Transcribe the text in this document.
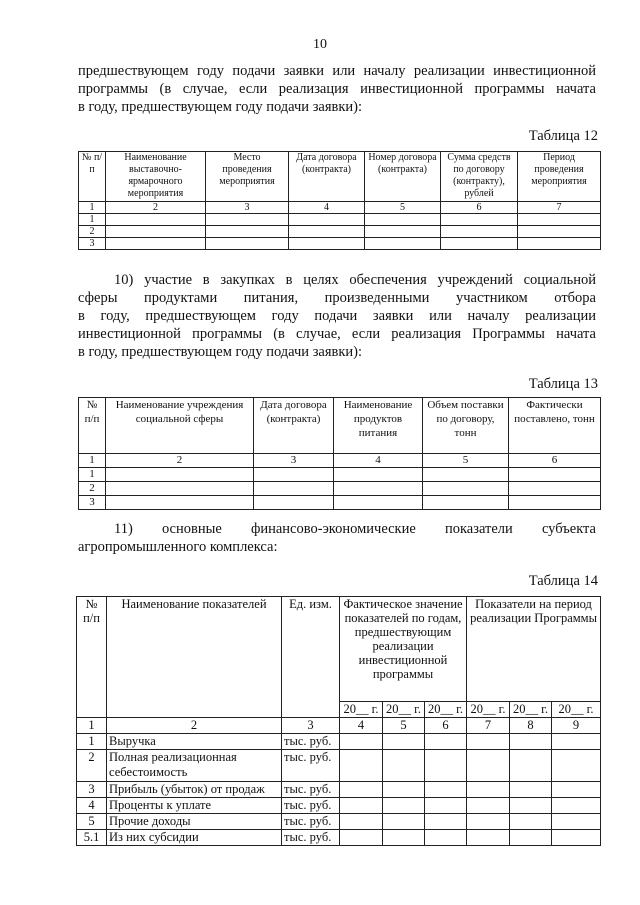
10
предшествующем году подачи заявки или началу реализации инвестиционной
программы (в случае, если реализация инвестиционной программы начата
в году, предшествующем году подачи заявки):
Таблица 12
№ п/п	Наименование выставочно-ярмарочного мероприятия	Место проведения мероприятия	Дата договора (контракта)	Номер договора (контракта)	Сумма средств по договору (контракту), рублей	Период проведения мероприятия
1	2	3	4	5	6	7
1						
2						
3						
10) участие в закупках в целях обеспечения учреждений социальной
сферы продуктами питания, произведенными участником отбора
в году, предшествующем году подачи заявки или началу реализации
инвестиционной программы (в случае, если реализация Программы начата
в году, предшествующем году подачи заявки):
Таблица 13
№ п/п	Наименование учреждения социальной сферы	Дата договора (контракта)	Наименование продуктов питания	Объем поставки по договору, тонн	Фактически поставлено, тонн
1	2	3	4	5	6
1					
2					
3					
11) основные финансово-экономические показатели субъекта
агропромышленного комплекса:
Таблица 14
№ п/п	Наименование показателей	Ед. изм.	Фактическое значение показателей по годам, предшествующим реализации инвестиционной программы			Показатели на период реализации Программы		
			20__ г.	20__ г.	20__ г.	20__ г.	20__ г.	20__ г.
1	2	3	4	5	6	7	8	9
1	Выручка	тыс. руб.						
2	Полная реализационная себестоимость	тыс. руб.						
3	Прибыль (убыток) от продаж	тыс. руб.						
4	Проценты к уплате	тыс. руб.						
5	Прочие доходы	тыс. руб.						
5.1	Из них субсидии	тыс. руб.						
